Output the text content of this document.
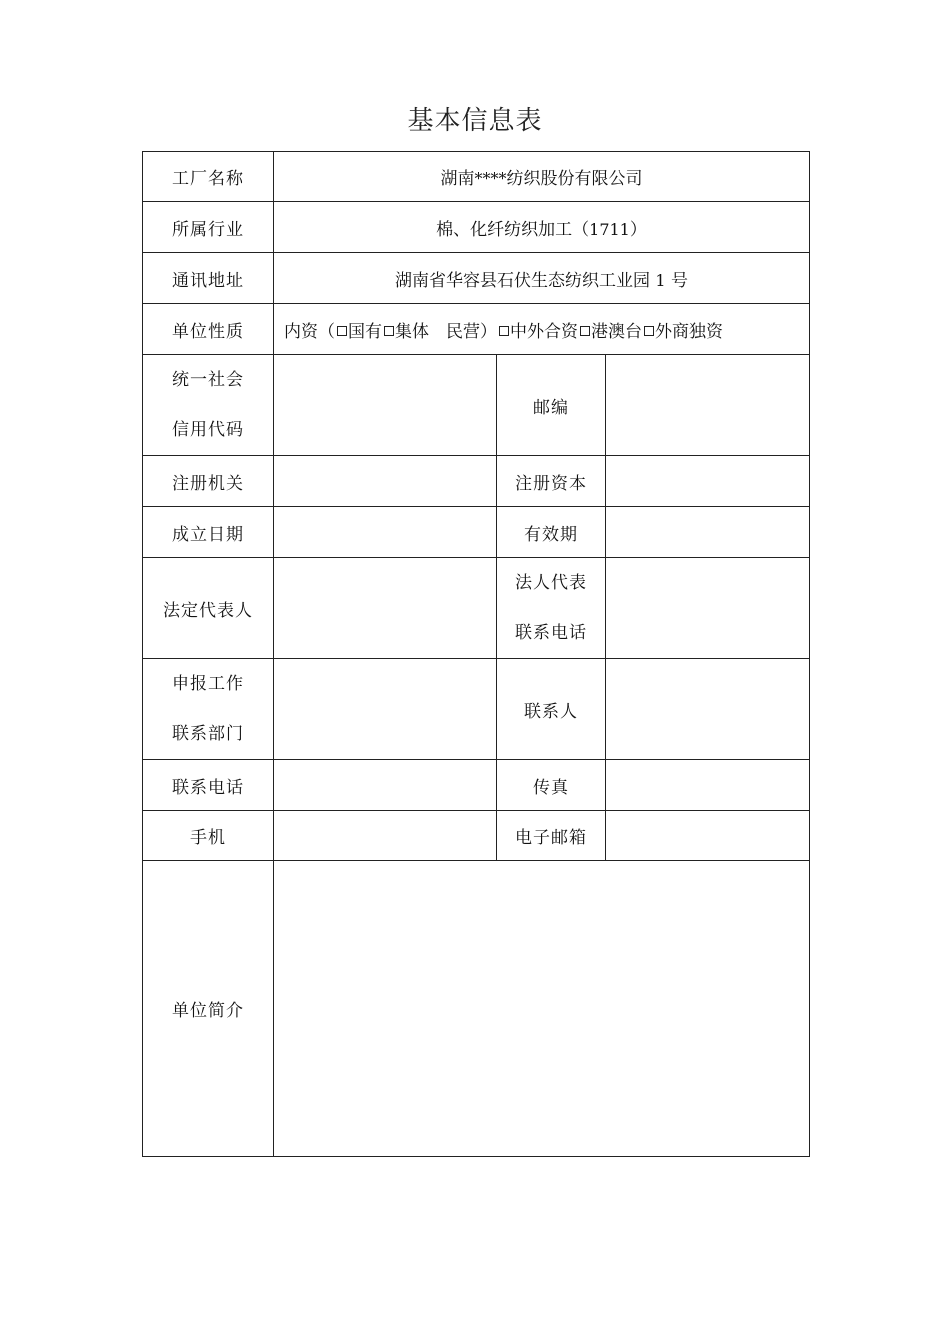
基本信息表
工厂名称	湖南****纺织股份有限公司		
所属行业	棉、化纤纺织加工（1711）		
通讯地址	湖南省华容县石伏生态纺织工业园 1 号		
单位性质	内资（ 国有 集体　民营） 中外合资 港澳台 外商独资		
统一社会
信用代码		邮编	
注册机关		注册资本	
成立日期		有效期	
法定代表人		法人代表
联系电话	
申报工作
联系部门		联系人	
联系电话		传真	
手机		电子邮箱	
单位简介			
